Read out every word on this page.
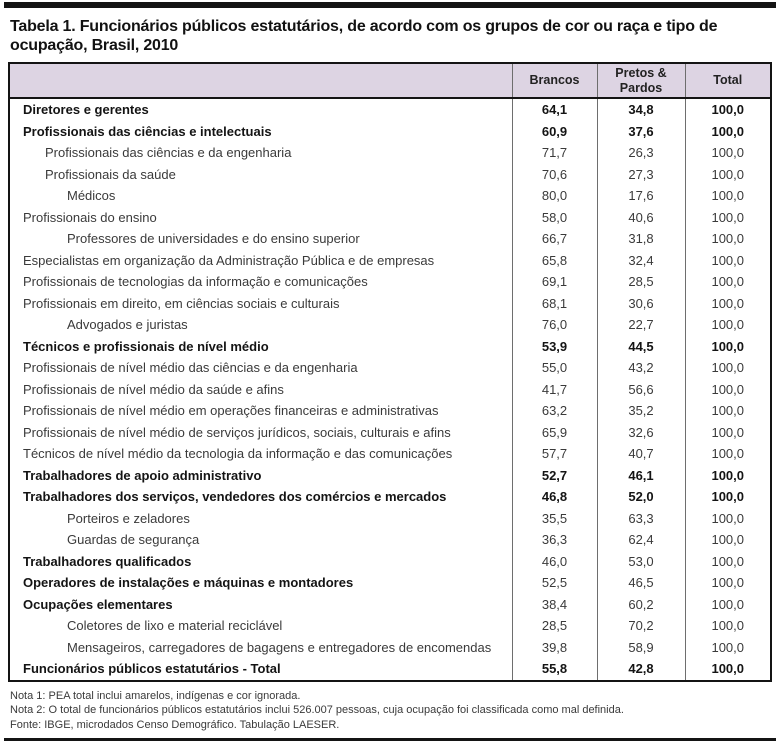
Tabela 1. Funcionários públicos estatutários, de acordo com os grupos de cor ou raça e tipo de
ocupação, Brasil, 2010
	Brancos	Pretos & Pardos	Total
Diretores e gerentes	64,1	34,8	100,0
Profissionais das ciências e intelectuais	60,9	37,6	100,0
Profissionais das ciências e da engenharia	71,7	26,3	100,0
Profissionais da saúde	70,6	27,3	100,0
Médicos	80,0	17,6	100,0
Profissionais do ensino	58,0	40,6	100,0
Professores de universidades e do ensino superior	66,7	31,8	100,0
Especialistas em organização da Administração Pública e de empresas	65,8	32,4	100,0
Profissionais de tecnologias da informação e comunicações	69,1	28,5	100,0
Profissionais em direito, em ciências sociais e culturais	68,1	30,6	100,0
Advogados e juristas	76,0	22,7	100,0
Técnicos e profissionais de nível médio	53,9	44,5	100,0
Profissionais de nível médio das ciências e da engenharia	55,0	43,2	100,0
Profissionais de nível médio da saúde e afins	41,7	56,6	100,0
Profissionais de nível médio em operações financeiras e administrativas	63,2	35,2	100,0
Profissionais de nível médio de serviços jurídicos, sociais, culturais e afins	65,9	32,6	100,0
Técnicos de nível médio da tecnologia da informação e das comunicações	57,7	40,7	100,0
Trabalhadores de apoio administrativo	52,7	46,1	100,0
Trabalhadores dos serviços, vendedores dos comércios e mercados	46,8	52,0	100,0
Porteiros e zeladores	35,5	63,3	100,0
Guardas de segurança	36,3	62,4	100,0
Trabalhadores qualificados	46,0	53,0	100,0
Operadores de instalações e máquinas e montadores	52,5	46,5	100,0
Ocupações elementares	38,4	60,2	100,0
Coletores de lixo e material reciclável	28,5	70,2	100,0
Mensageiros, carregadores de bagagens e entregadores de encomendas	39,8	58,9	100,0
Funcionários públicos estatutários - Total	55,8	42,8	100,0
Nota 1: PEA total inclui amarelos, indígenas e cor ignorada.
Nota 2: O total de funcionários públicos estatutários inclui 526.007 pessoas, cuja ocupação foi classificada como mal definida.
Fonte: IBGE, microdados Censo Demográfico. Tabulação LAESER.
